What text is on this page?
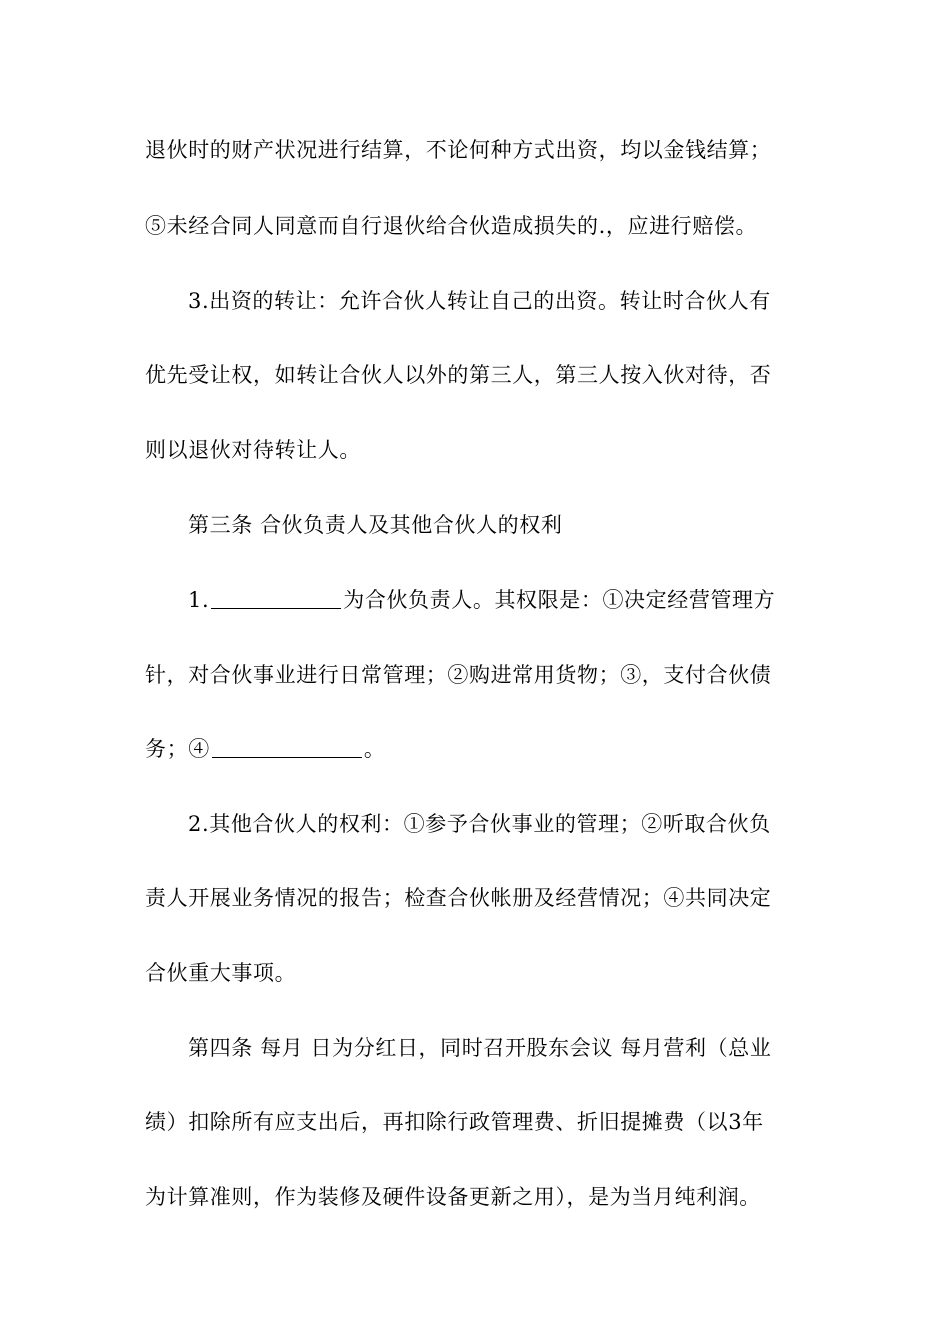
退伙时的财产状况进行结算，不论何种方式出资，均以金钱结算；
⑤未经合同人同意而自行退伙给合伙造成损失的.，应进行赔偿。
3.出资的转让：允许合伙人转让自己的出资。转让时合伙人有
优先受让权，如转让合伙人以外的第三人，第三人按入伙对待，否
则以退伙对待转让人。
第三条 合伙负责人及其他合伙人的权利
1.	为合伙负责人。其权限是：①决定经营管理方
针，对合伙事业进行日常管理；②购进常用货物；③，支付合伙债
务；④	。
2.其他合伙人的权利：①参予合伙事业的管理；②听取合伙负
责人开展业务情况的报告；检查合伙帐册及经营情况；④共同决定
合伙重大事项。
第四条 每月 日为分红日，同时召开股东会议 每月营利（总业
绩）扣除所有应支出后，再扣除行政管理费、折旧提摊费（以3年
为计算准则，作为装修及硬件设备更新之用），是为当月纯利润。
